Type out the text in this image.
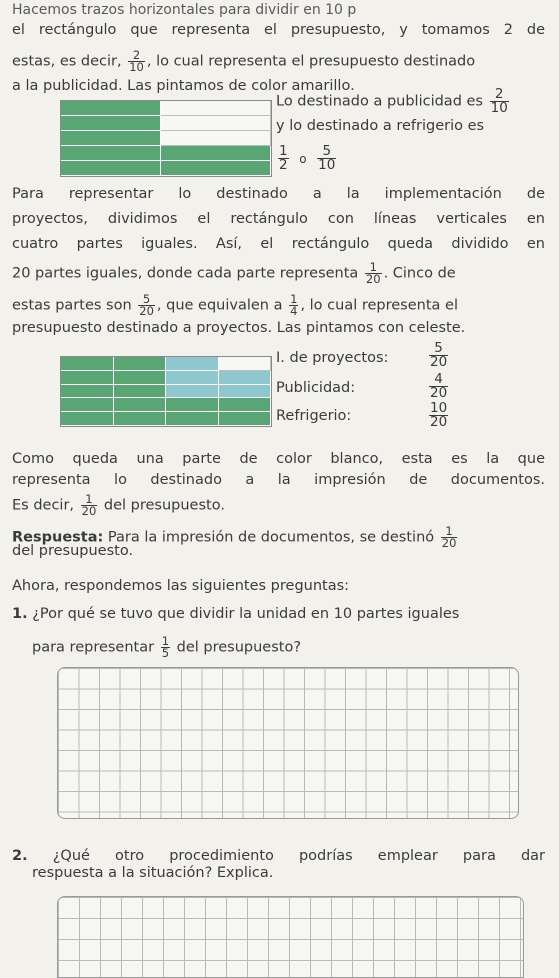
Hacemos trazos horizontales para dividir en 10 p
el rectángulo que representa el presupuesto, y tomamos 2 de
estas, es decir, $\frac{2}{10}$ , lo cual representa el presupuesto destinado
a la publicidad. Las pintamos de color amarillo.
Lo destinado a publicidad es $\frac{2}{10}$
y lo destinado a refrigerio es
$\frac{1}{2}$ o $\frac{5}{10}$
Para representar lo destinado a la implementación de
proyectos, dividimos el rectángulo con líneas verticales en
cuatro partes iguales. Así, el rectángulo queda dividido en
20 partes iguales, donde cada parte representa $\frac{1}{20}$ . Cinco de
estas partes son $\frac{5}{20}$ , que equivalen a $\frac{1}{4}$ , lo cual representa el
presupuesto destinado a proyectos. Las pintamos con celeste.
I. de proyectos:	$\frac{5}{20}$
Publicidad:	$\frac{4}{20}$
Refrigerio:	$\frac{10}{20}$
Como queda una parte de color blanco, esta es la que
representa lo destinado a la impresión de documentos.
Es decir, $\frac{1}{20}$ del presupuesto.
Respuesta: Para la impresión de documentos, se destinó $\frac{1}{20}$
del presupuesto.
Ahora, respondemos las siguientes preguntas:
1. ¿Por qué se tuvo que dividir la unidad en 10 partes iguales
para representar $\frac{1}{5}$ del presupuesto?
2. ¿Qué otro procedimiento podrías emplear para dar
respuesta a la situación? Explica.
